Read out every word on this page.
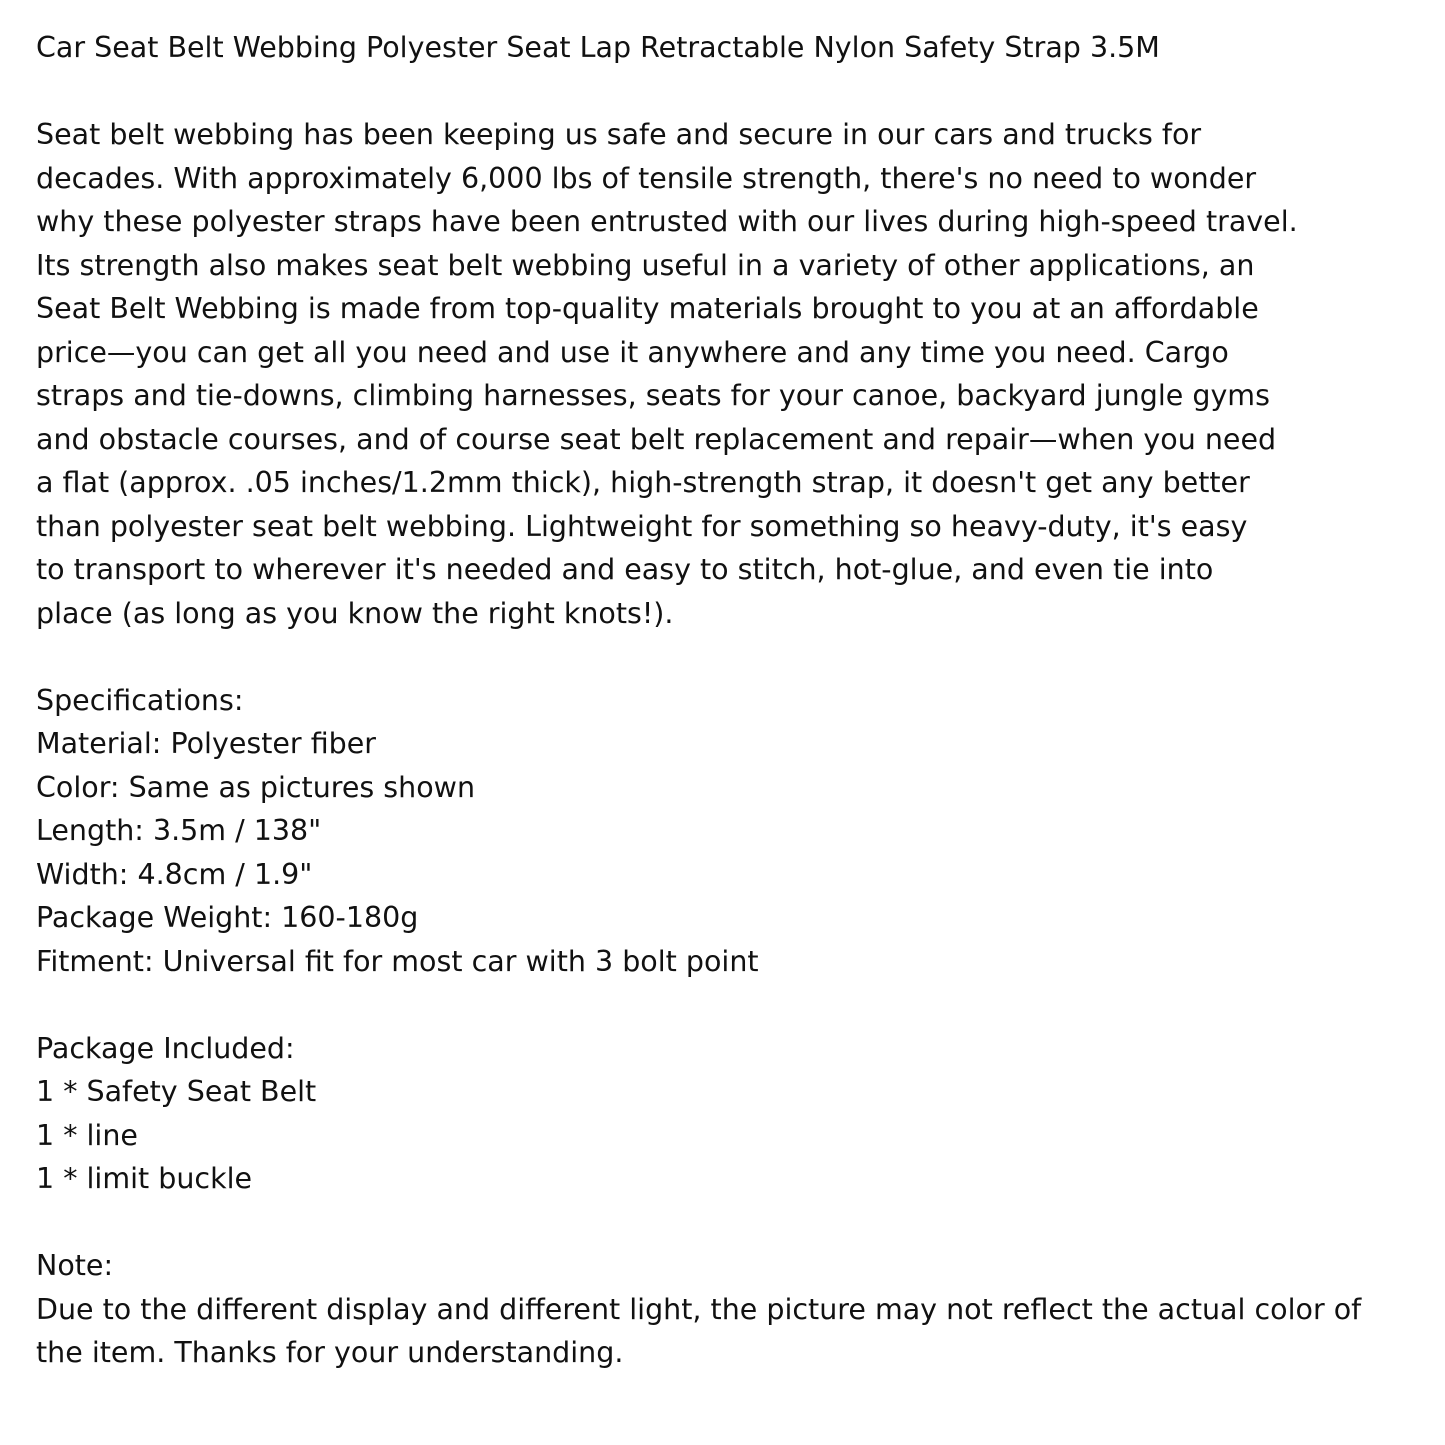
Car Seat Belt Webbing Polyester Seat Lap Retractable Nylon Safety Strap 3.5M
Seat belt webbing has been keeping us safe and secure in our cars and trucks for
decades. With approximately 6,000 lbs of tensile strength, there's no need to wonder
why these polyester straps have been entrusted with our lives during high-speed travel.
Its strength also makes seat belt webbing useful in a variety of other applications, an
Seat Belt Webbing is made from top-quality materials brought to you at an affordable
price—you can get all you need and use it anywhere and any time you need. Cargo
straps and tie-downs, climbing harnesses, seats for your canoe, backyard jungle gyms
and obstacle courses, and of course seat belt replacement and repair—when you need
a flat (approx. .05 inches/1.2mm thick), high-strength strap, it doesn't get any better
than polyester seat belt webbing. Lightweight for something so heavy-duty, it's easy
to transport to wherever it's needed and easy to stitch, hot-glue, and even tie into
place (as long as you know the right knots!).
Specifications:
Material: Polyester fiber
Color: Same as pictures shown
Length: 3.5m / 138"
Width: 4.8cm / 1.9"
Package Weight: 160-180g
Fitment: Universal fit for most car with 3 bolt point
Package Included:
1 * Safety Seat Belt
1 * line
1 * limit buckle
Note:
Due to the different display and different light, the picture may not reflect the actual color of
the item. Thanks for your understanding.
